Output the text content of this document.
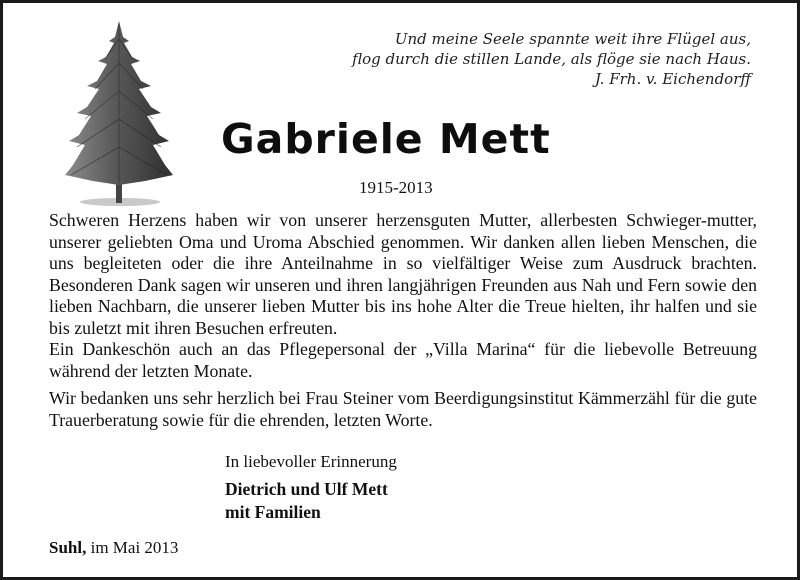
Und meine Seele spannte weit ihre Flügel aus,
flog durch die stillen Lande, als flöge sie nach Haus.
J. Frh. v. Eichendorff
Gabriele Mett
1915-2013

Schweren Herzens haben wir von unserer herzensguten Mutter, allerbesten Schwieger-mutter, unserer geliebten Oma und Uroma Abschied genommen. Wir danken allen lieben Menschen, die uns begleiteten oder die ihre Anteilnahme in so vielfältiger Weise zum Ausdruck brachten. Besonderen Dank sagen wir unseren und ihren langjährigen Freunden aus Nah und Fern sowie den lieben Nachbarn, die unserer lieben Mutter bis ins hohe Alter die Treue hielten, ihr halfen und sie bis zuletzt mit ihren Besuchen erfreuten.

Ein Dankeschön auch an das Pflegepersonal der „Villa Marina“ für die liebevolle Betreuung während der letzten Monate.

Wir bedanken uns sehr herzlich bei Frau Steiner vom Beerdigungsinstitut Kämmerzähl für die gute Trauerberatung sowie für die ehrenden, letzten Worte.

In liebevoller Erinnerung
Dietrich und Ulf Mett
mit Familien
Suhl, im Mai 2013
